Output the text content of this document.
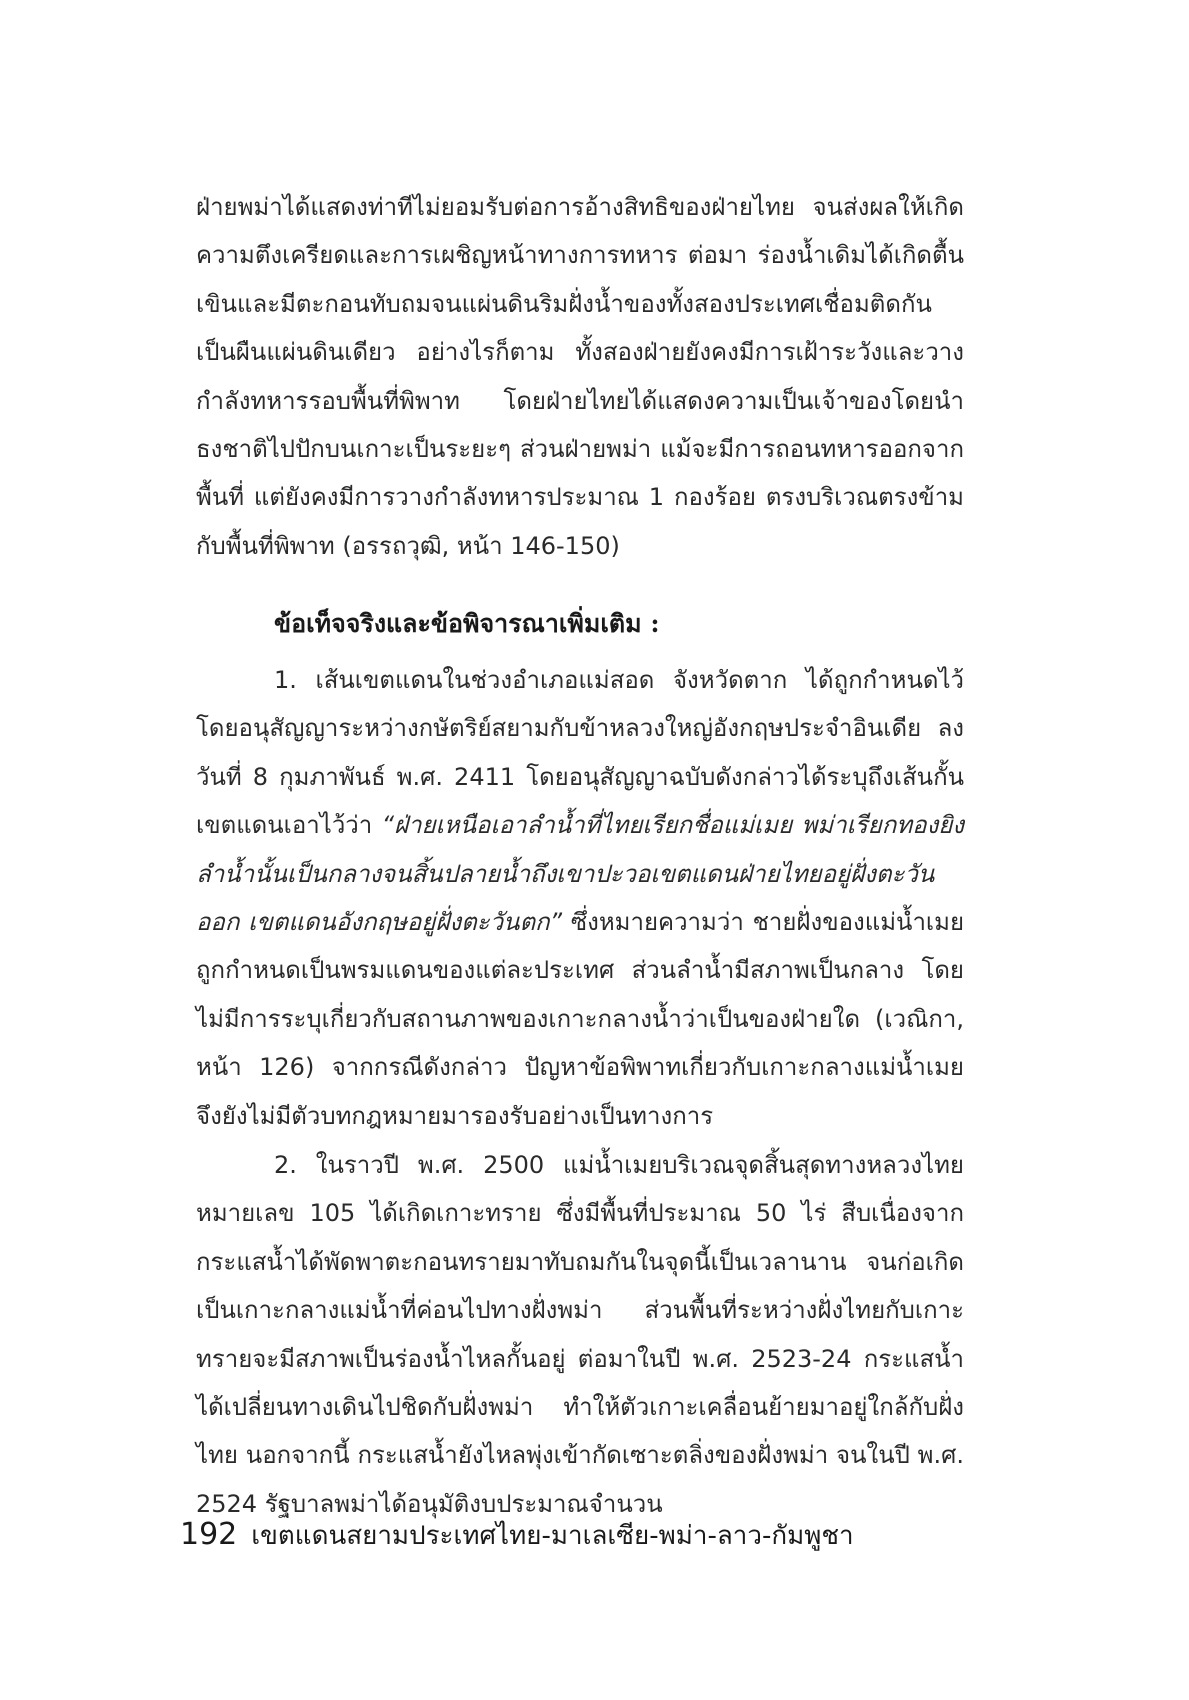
ฝ่ายพม่าได้แสดงท่าทีไม่ยอมรับต่อการอ้างสิทธิของฝ่ายไทย จนส่งผลให้เกิดความตึงเครียดและการเผชิญหน้าทางการทหาร ต่อมา ร่องน้ำเดิมได้เกิดตื้นเขินและมีตะกอนทับถมจนแผ่นดินริมฝั่งน้ำของทั้งสองประเทศเชื่อมติดกันเป็นผืนแผ่นดินเดียว อย่างไรก็ตาม ทั้งสองฝ่ายยังคงมีการเฝ้าระวังและวางกำลังทหารรอบพื้นที่พิพาท โดยฝ่ายไทยได้แสดงความเป็นเจ้าของโดยนำธงชาติไปปักบนเกาะเป็นระยะๆ ส่วนฝ่ายพม่า แม้จะมีการถอนทหารออกจากพื้นที่ แต่ยังคงมีการวางกำลังทหารประมาณ 1 กองร้อย ตรงบริเวณตรงข้ามกับพื้นที่พิพาท (อรรถวุฒิ, หน้า 146-150)

ข้อเท็จจริงและข้อพิจารณาเพิ่มเติม :

1. เส้นเขตแดนในช่วงอำเภอแม่สอด จังหวัดตาก ได้ถูกกำหนดไว้โดยอนุสัญญาระหว่างกษัตริย์สยามกับข้าหลวงใหญ่อังกฤษประจำอินเดีย ลงวันที่ 8 กุมภาพันธ์ พ.ศ. 2411 โดยอนุสัญญาฉบับดังกล่าวได้ระบุถึงเส้นกั้นเขตแดนเอาไว้ว่า “ฝ่ายเหนือเอาลำน้ำที่ไทยเรียกชื่อแม่เมย พม่าเรียกทองยิงลำน้ำนั้นเป็นกลางจนสิ้นปลายน้ำถึงเขาปะวอเขตแดนฝ่ายไทยอยู่ฝั่งตะวันออก เขตแดนอังกฤษอยู่ฝั่งตะวันตก” ซึ่งหมายความว่า ชายฝั่งของแม่น้ำเมยถูกกำหนดเป็นพรมแดนของแต่ละประเทศ ส่วนลำน้ำมีสภาพเป็นกลาง โดยไม่มีการระบุเกี่ยวกับสถานภาพของเกาะกลางน้ำว่าเป็นของฝ่ายใด (เวณิกา, หน้า 126) จากกรณีดังกล่าว ปัญหาข้อพิพาทเกี่ยวกับเกาะกลางแม่น้ำเมย จึงยังไม่มีตัวบทกฎหมายมารองรับอย่างเป็นทางการ

2. ในราวปี พ.ศ. 2500 แม่น้ำเมยบริเวณจุดสิ้นสุดทางหลวงไทยหมายเลข 105 ได้เกิดเกาะทราย ซึ่งมีพื้นที่ประมาณ 50 ไร่ สืบเนื่องจากกระแสน้ำได้พัดพาตะกอนทรายมาทับถมกันในจุดนี้เป็นเวลานาน จนก่อเกิดเป็นเกาะกลางแม่น้ำที่ค่อนไปทางฝั่งพม่า ส่วนพื้นที่ระหว่างฝั่งไทยกับเกาะทรายจะมีสภาพเป็นร่องน้ำไหลกั้นอยู่ ต่อมาในปี พ.ศ. 2523-24 กระแสน้ำได้เปลี่ยนทางเดินไปชิดกับฝั่งพม่า ทำให้ตัวเกาะเคลื่อนย้ายมาอยู่ใกล้กับฝั่งไทย นอกจากนี้ กระแสน้ำยังไหลพุ่งเข้ากัดเซาะตลิ่งของฝั่งพม่า จนในปี พ.ศ. 2524 รัฐบาลพม่าได้อนุมัติงบประมาณจำนวน

192 เขตแดนสยามประเทศไทย-มาเลเซีย-พม่า-ลาว-กัมพูชา
